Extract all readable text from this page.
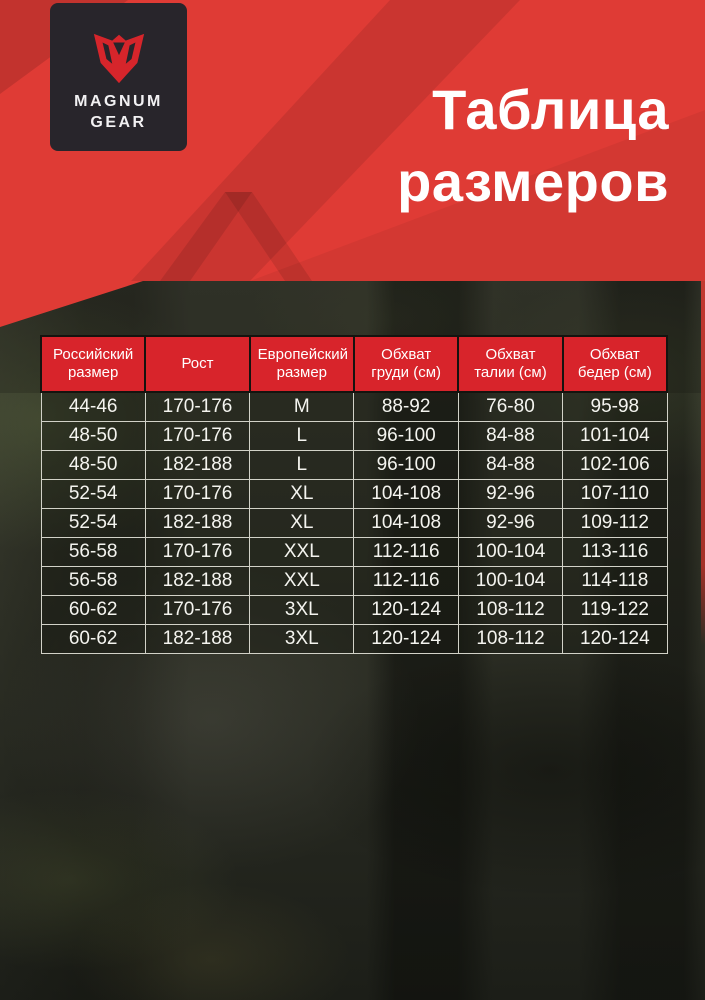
MAGNUM
GEAR	Таблица размеров
Российский размер	Рост	Европейский размер	Обхват груди (см)	Обхват талии (см)	Обхват бедер (см)
44-46	170-176	M	88-92	76-80	95-98
48-50	170-176	L	96-100	84-88	101-104
48-50	182-188	L	96-100	84-88	102-106
52-54	170-176	XL	104-108	92-96	107-110
52-54	182-188	XL	104-108	92-96	109-112
56-58	170-176	XXL	112-116	100-104	113-116
56-58	182-188	XXL	112-116	100-104	114-118
60-62	170-176	3XL	120-124	108-112	119-122
60-62	182-188	3XL	120-124	108-112	120-124
